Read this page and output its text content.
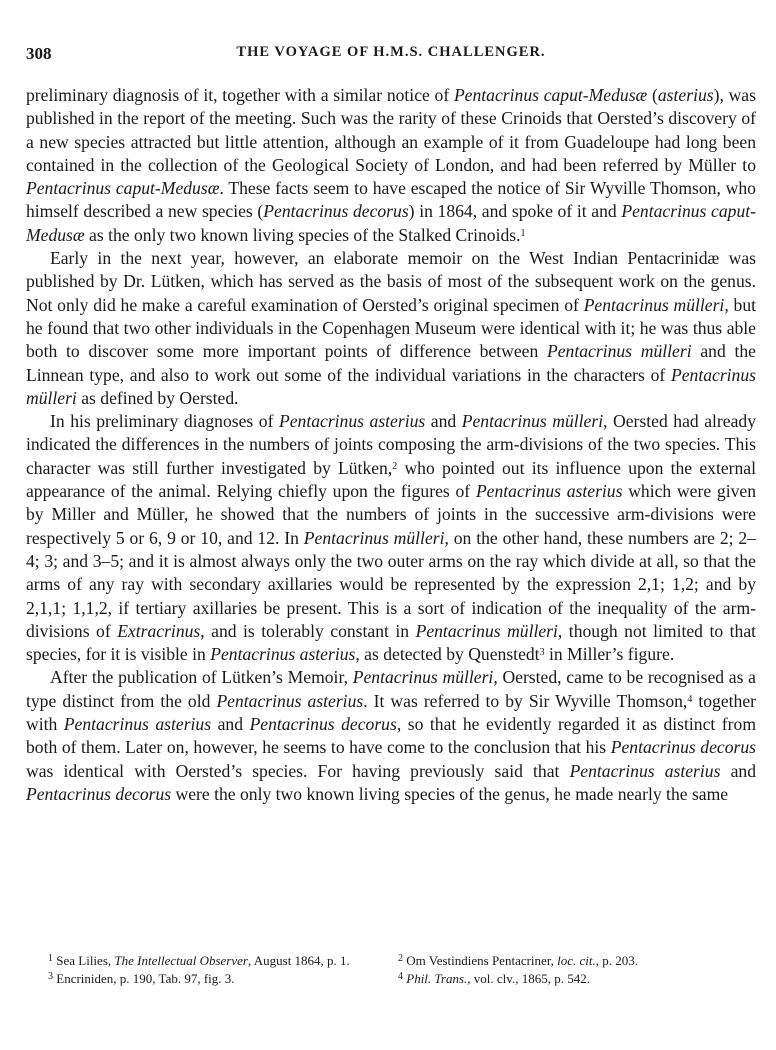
308	THE VOYAGE OF H.M.S. CHALLENGER.

preliminary diagnosis of it, together with a similar notice of Pentacrinus caput-Medusæ (asterius), was published in the report of the meeting. Such was the rarity of these Crinoids that Oersted’s discovery of a new species attracted but little attention, although an example of it from Guadeloupe had long been contained in the collection of the Geological Society of London, and had been referred by Müller to Pentacrinus caput-Medusæ. These facts seem to have escaped the notice of Sir Wyville Thomson, who himself described a new species (Pentacrinus decorus) in 1864, and spoke of it and Pentacrinus caput-Medusæ as the only two known living species of the Stalked Crinoids.$^1$

Early in the next year, however, an elaborate memoir on the West Indian Pentacrinidæ was published by Dr. Lütken, which has served as the basis of most of the subsequent work on the genus. Not only did he make a careful examination of Oersted’s original specimen of Pentacrinus mülleri, but he found that two other individuals in the Copenhagen Museum were identical with it; he was thus able both to discover some more important points of difference between Pentacrinus mülleri and the Linnean type, and also to work out some of the individual variations in the characters of Pentacrinus mülleri as defined by Oersted.

In his preliminary diagnoses of Pentacrinus asterius and Pentacrinus mülleri, Oersted had already indicated the differences in the numbers of joints composing the arm-divisions of the two species. This character was still further investigated by Lütken,$^2$ who pointed out its influence upon the external appearance of the animal. Relying chiefly upon the figures of Pentacrinus asterius which were given by Miller and Müller, he showed that the numbers of joints in the successive arm-divisions were respectively 5 or 6, 9 or 10, and 12. In Pentacrinus mülleri, on the other hand, these numbers are 2; 2–4; 3; and 3–5; and it is almost always only the two outer arms on the ray which divide at all, so that the arms of any ray with secondary axillaries would be represented by the expression 2,1; 1,2; and by 2,1,1; 1,1,2, if tertiary axillaries be present. This is a sort of indication of the inequality of the arm-divisions of Extracrinus, and is tolerably constant in Pentacrinus mülleri, though not limited to that species, for it is visible in Pentacrinus asterius, as detected by Quenstedt$^3$ in Miller’s figure.

After the publication of Lütken’s Memoir, Pentacrinus mülleri, Oersted, came to be recognised as a type distinct from the old Pentacrinus asterius. It was referred to by Sir Wyville Thomson,$^4$ together with Pentacrinus asterius and Pentacrinus decorus, so that he evidently regarded it as distinct from both of them. Later on, however, he seems to have come to the conclusion that his Pentacrinus decorus was identical with Oersted’s species. For having previously said that Pentacrinus asterius and Pentacrinus decorus were the only two known living species of the genus, he made nearly the same

$^1$ Sea Lilies, The Intellectual Observer, August 1864, p. 1.	$^2$ Om Vestindiens Pentacriner, loc. cit., p. 203.
$^3$ Encriniden, p. 190, Tab. 97, fig. 3.	$^4$ Phil. Trans., vol. clv., 1865, p. 542.
